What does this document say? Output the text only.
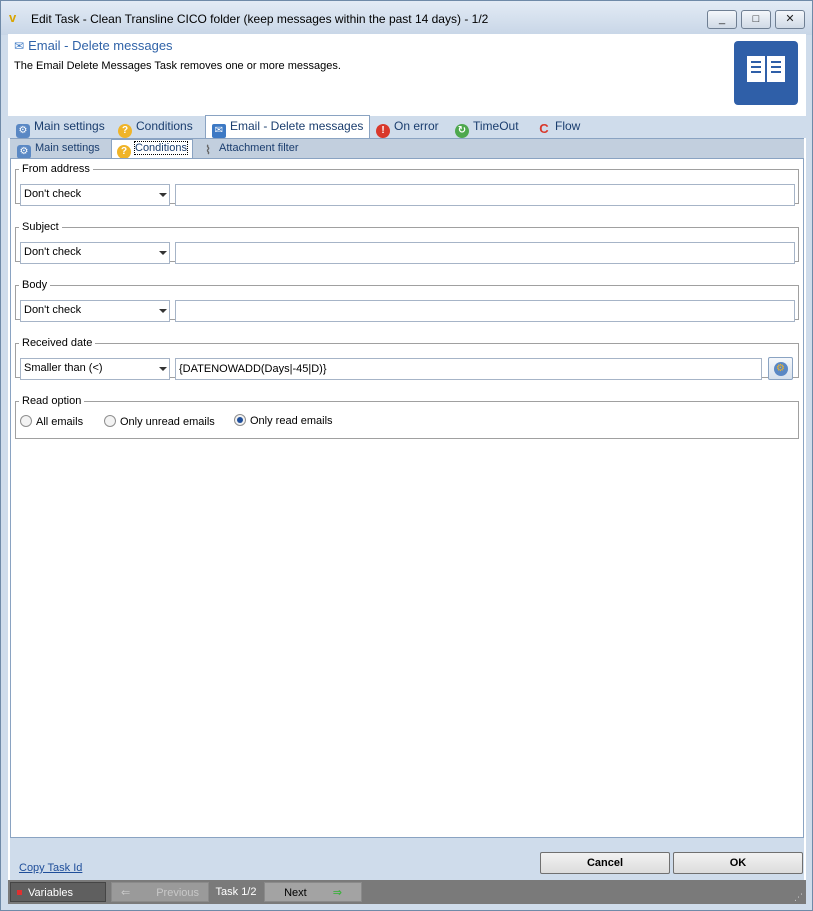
v	Edit Task - Clean Transline CICO folder (keep messages within the past 14 days) - 1/2	_	□	✕
✉ Email - Delete messages
The Email Delete Messages Task removes one or more messages.
⚙ Main settings	? Conditions	✉ Email - Delete messages	! On error	↻ TimeOut	C Flow
⚙ Main settings	? Conditions	⌇ Attachment filter
From address
Don't check
Subject
Don't check
Body
Don't check
Received date
Smaller than (<)	{DATENOWADD(Days|-45|D)}	⚙
Read option
All emails	Only unread emails	Only read emails
Copy Task Id	Cancel	OK
Variables	⇐ Previous	Task 1/2	Next ⇒	⋰
